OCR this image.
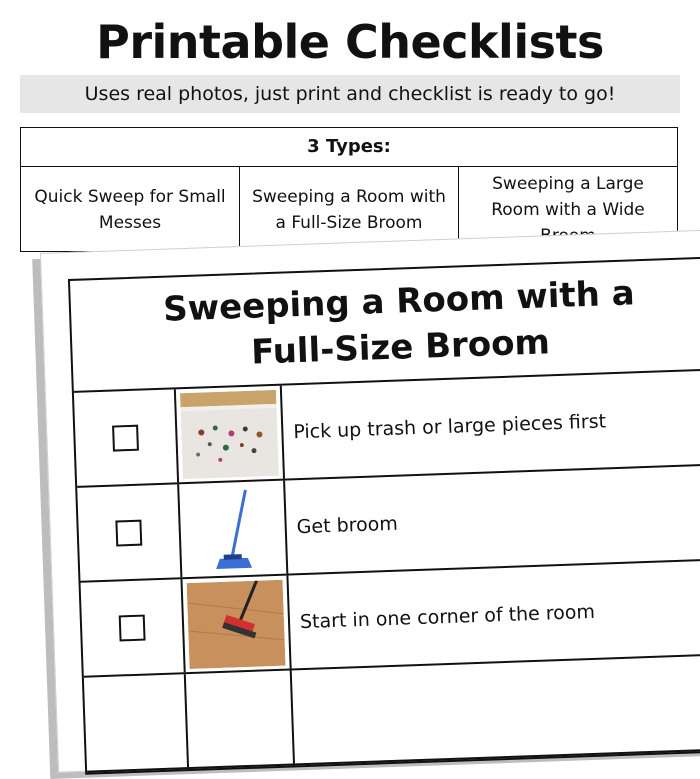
Printable Checklists
Uses real photos, just print and checklist is ready to go!
3 Types:
Quick Sweep for Small Messes
Sweeping a Room with a Full-Size Broom
Sweeping a Large Room with a Wide
Sweeping a Room with a
Full-Size Broom
Pick up trash or large pieces first
Get broom
Start in one corner of the room
